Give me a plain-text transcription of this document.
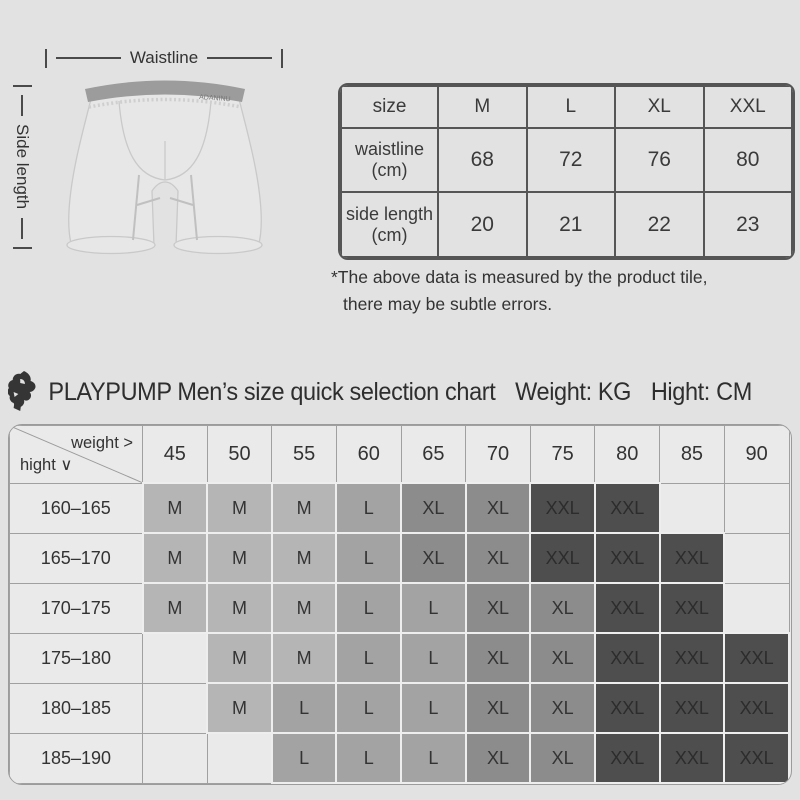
Waistline
Side length
ADANINU	size	M	L	XL	XXL
waistline
(cm)	68	72	76	80
side length
(cm)	20	21	22	23
*The above data is measured by the product tile,
there may be subtle errors.
PLAYPUMP Men’s size quick selection chart Weight: KG Hight: CM
weight >
hight ∨	45	50	55	60	65	70	75	80	85	90
160–165	M	M	M	L	XL	XL	XXL	XXL		
165–170	M	M	M	L	XL	XL	XXL	XXL	XXL	
170–175	M	M	M	L	L	XL	XL	XXL	XXL	
175–180		M	M	L	L	XL	XL	XXL	XXL	XXL
180–185		M	L	L	L	XL	XL	XXL	XXL	XXL
185–190			L	L	L	XL	XL	XXL	XXL	XXL
